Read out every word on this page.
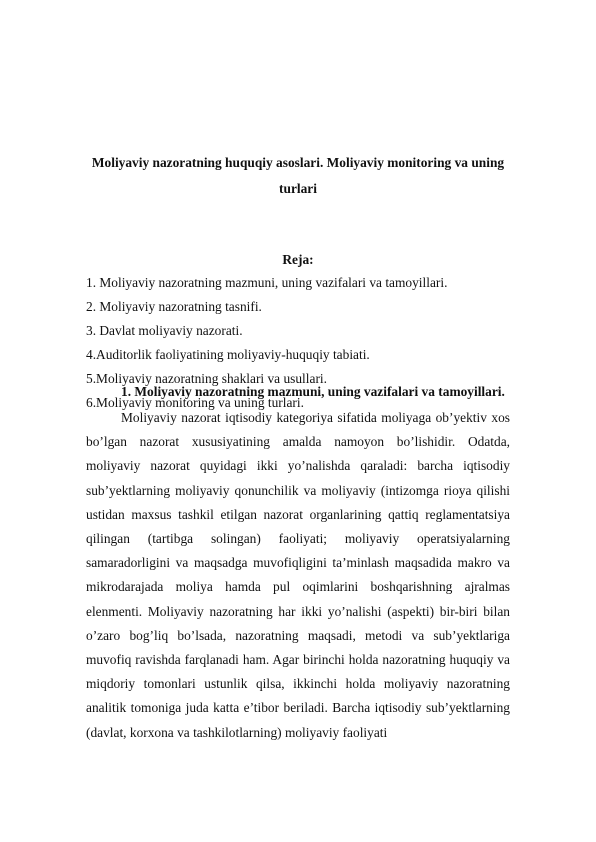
Moliyaviy nazoratning huquqiy asoslari. Moliyaviy monitoring va uning turlari
Reja:
1. Moliyaviy nazoratning mazmuni, uning vazifalari va tamoyillari.
2. Moliyaviy nazoratning tasnifi.
3. Davlat moliyaviy nazorati.
4.Auditorlik faoliyatining moliyaviy-huquqiy tabiati.
5.Moliyaviy nazoratning shaklari va usullari.
6.Moliyaviy monitoring va uning turlari.
1. Moliyaviy nazoratning mazmuni, uning vazifalari va tamoyillari.

Moliyaviy nazorat iqtisodiy kategoriya sifatida moliyaga ob’yektiv xos bo’lgan nazorat xususiyatining amalda namoyon bo’lishidir. Odatda, moliyaviy nazorat quyidagi ikki yo’nalishda qaraladi: barcha iqtisodiy sub’yektlarning moliyaviy qonunchilik va moliyaviy (intizomga rioya qilishi ustidan maxsus tashkil etilgan nazorat organlarining qattiq reglamentatsiya qilingan (tartibga solingan) faoliyati; moliyaviy operatsiyalarning samaradorligini va maqsadga muvofiqligini ta’minlash maqsadida makro va mikrodarajada moliya hamda pul oqimlarini boshqarishning ajralmas elenmenti. Moliyaviy nazoratning har ikki yo’nalishi (aspekti) bir-biri bilan o’zaro bog’liq bo’lsada, nazoratning maqsadi, metodi va sub’yektlariga muvofiq ravishda farqlanadi ham. Agar birinchi holda nazoratning huquqiy va miqdoriy tomonlari ustunlik qilsa, ikkinchi holda moliyaviy nazoratning analitik tomoniga juda katta e’tibor beriladi. Barcha iqtisodiy sub’yektlarning (davlat, korxona va tashkilotlarning) moliyaviy faoliyati
